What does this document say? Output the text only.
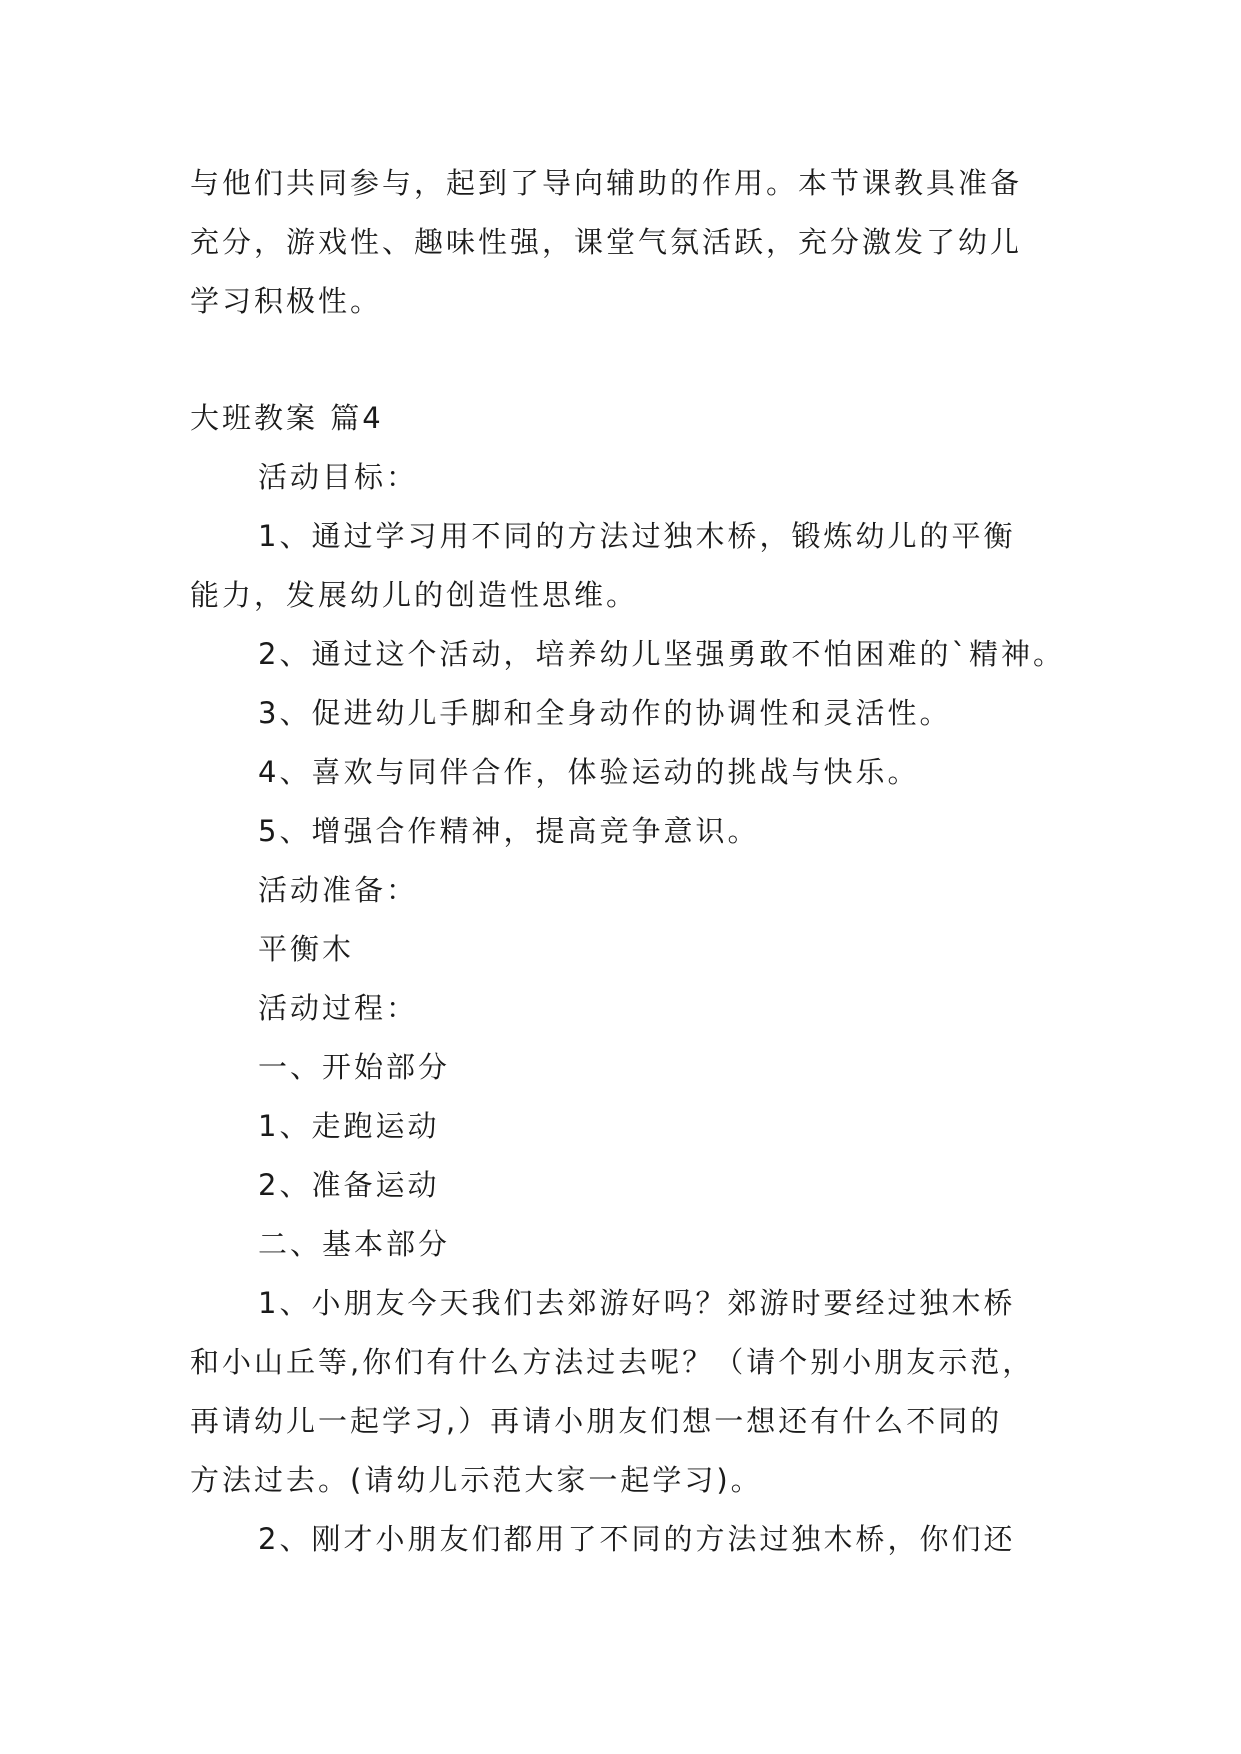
与他们共同参与，起到了导向辅助的作用。本节课教具准备
充分，游戏性、趣味性强，课堂气氛活跃，充分激发了幼儿
学习积极性。
大班教案 篇4
活动目标：
1、通过学习用不同的方法过独木桥，锻炼幼儿的平衡
能力，发展幼儿的创造性思维。
2、通过这个活动，培养幼儿坚强勇敢不怕困难的`精神。
3、促进幼儿手脚和全身动作的协调性和灵活性。
4、喜欢与同伴合作，体验运动的挑战与快乐。
5、增强合作精神，提高竞争意识。
活动准备：
平衡木
活动过程：
一、开始部分
1、走跑运动
2、准备运动
二、基本部分
1、小朋友今天我们去郊游好吗？郊游时要经过独木桥
和小山丘等,你们有什么方法过去呢？（请个别小朋友示范，
再请幼儿一起学习,）再请小朋友们想一想还有什么不同的
方法过去。(请幼儿示范大家一起学习)。
2、刚才小朋友们都用了不同的方法过独木桥，你们还
